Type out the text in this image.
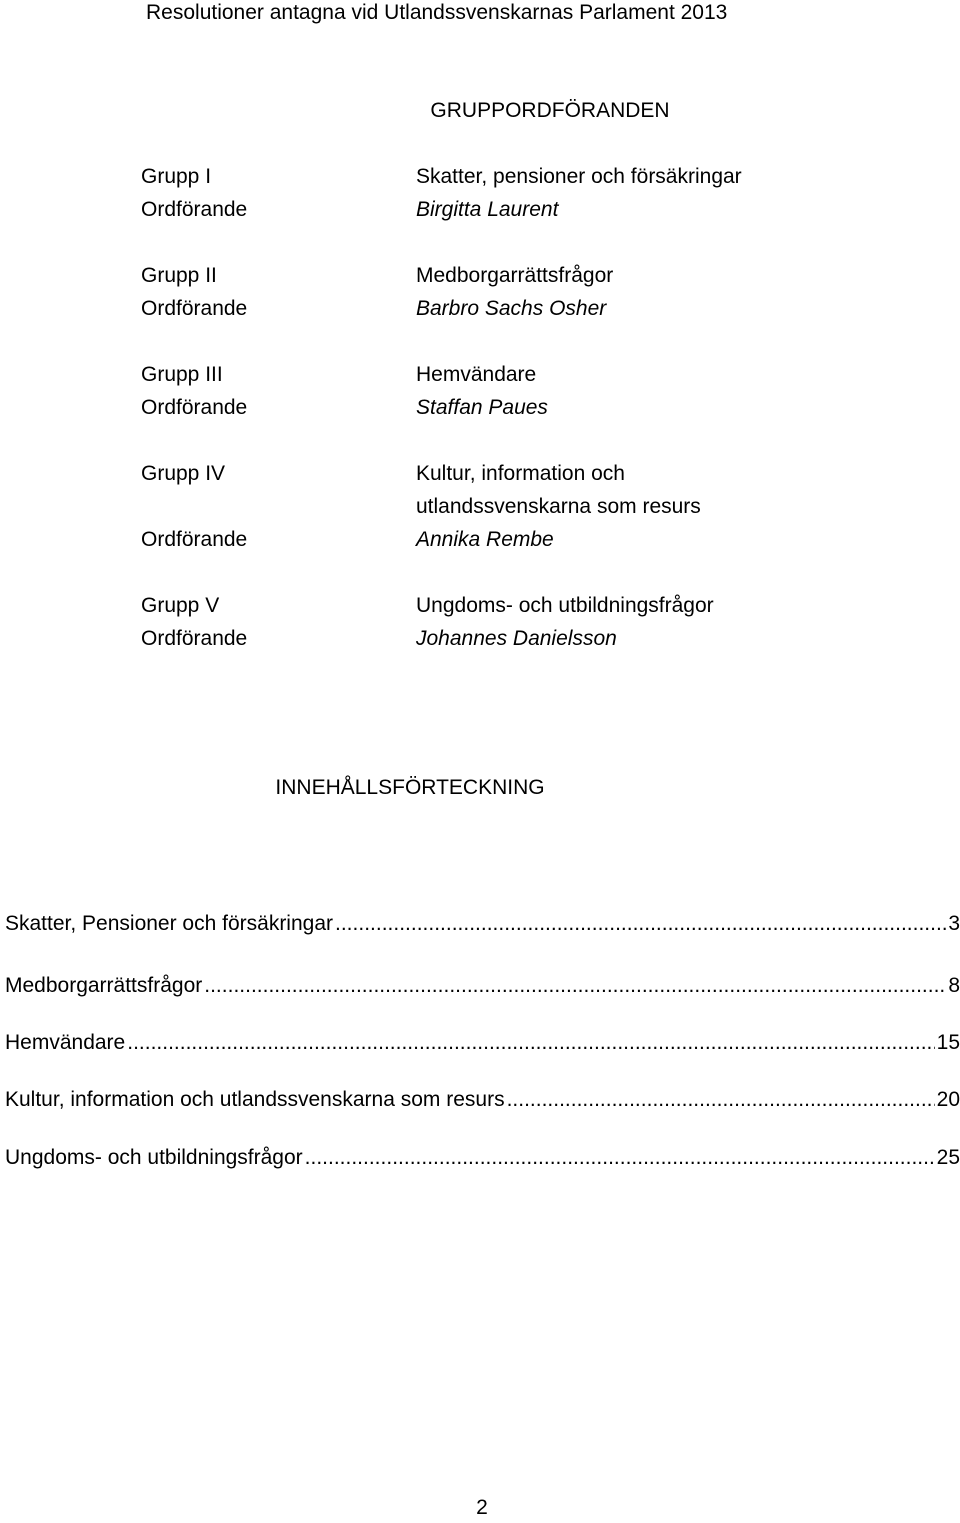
Resolutioner antagna vid Utlandssvenskarnas Parlament 2013
GRUPPORDFÖRANDEN
Grupp I	Skatter, pensioner och försäkringar
Ordförande	Birgitta Laurent
Grupp II	Medborgarrättsfrågor
Ordförande	Barbro Sachs Osher
Grupp III	Hemvändare
Ordförande	Staffan Paues
Grupp IV	Kultur, information och
utlandssvenskarna som resurs
Ordförande	Annika Rembe
Grupp V	Ungdoms- och utbildningsfrågor
Ordförande	Johannes Danielsson
INNEHÅLLSFÖRTECKNING
Skatter, Pensioner och försäkringar .....	3
Medborgarrättsfrågor .....	8
Hemvändare .....	15
Kultur, information och utlandssvenskarna som resurs .....	20
Ungdoms- och utbildningsfrågor .....	25
2
